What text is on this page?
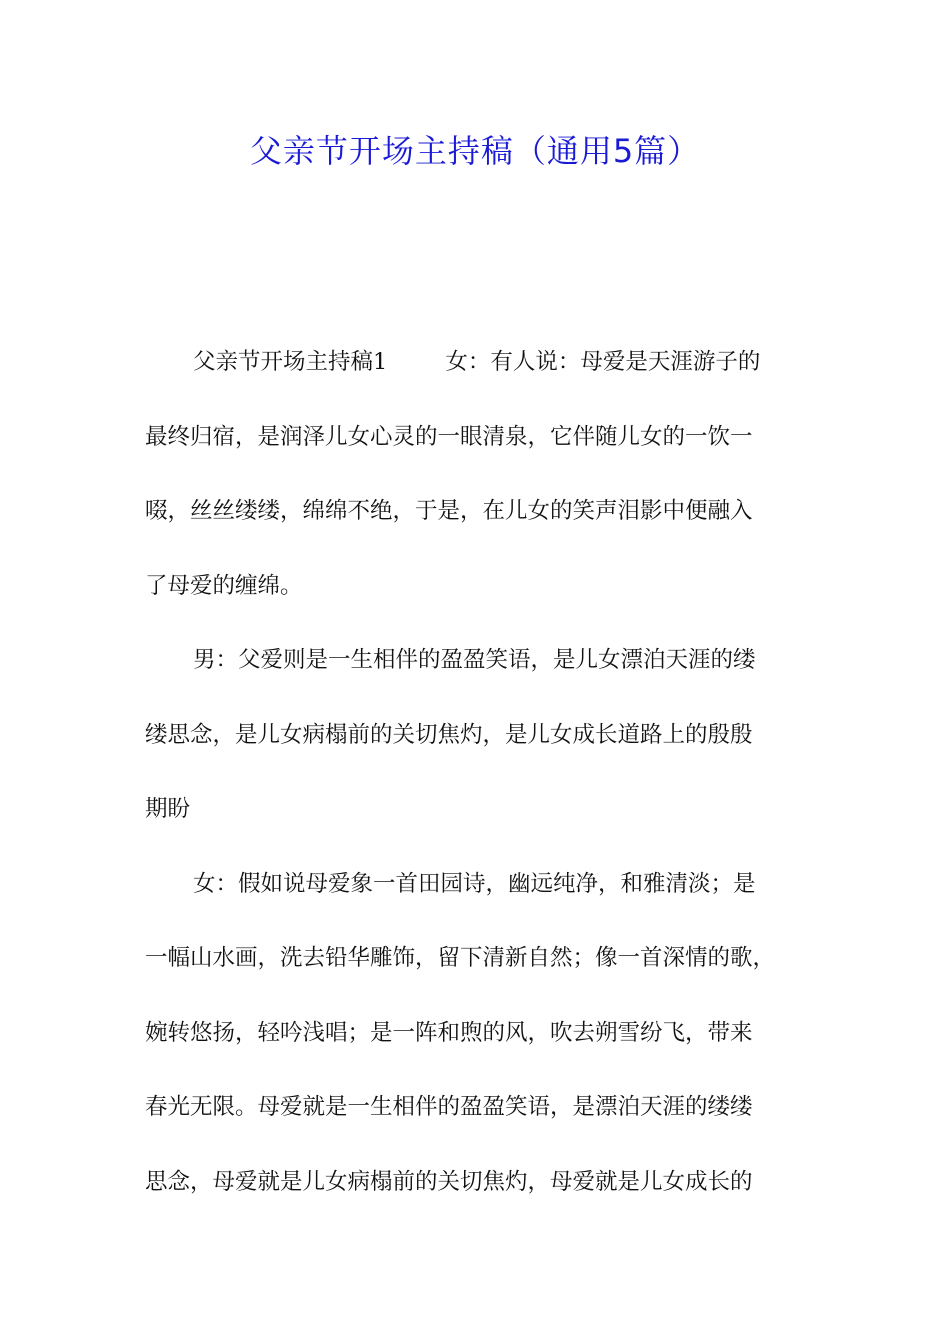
父亲节开场主持稿（通用5篇）
父亲节开场主持稿1	女：有人说：母爱是天涯游子的
最终归宿，是润泽儿女心灵的一眼清泉，它伴随儿女的一饮一
啜，丝丝缕缕，绵绵不绝，于是，在儿女的笑声泪影中便融入
了母爱的缠绵。
男：父爱则是一生相伴的盈盈笑语，是儿女漂泊天涯的缕
缕思念，是儿女病榻前的关切焦灼，是儿女成长道路上的殷殷
期盼
女：假如说母爱象一首田园诗，幽远纯净，和雅清淡；是
一幅山水画，洗去铅华雕饰，留下清新自然；像一首深情的歌，
婉转悠扬，轻吟浅唱；是一阵和煦的风，吹去朔雪纷飞，带来
春光无限。母爱就是一生相伴的盈盈笑语，是漂泊天涯的缕缕
思念，母爱就是儿女病榻前的关切焦灼，母爱就是儿女成长的
